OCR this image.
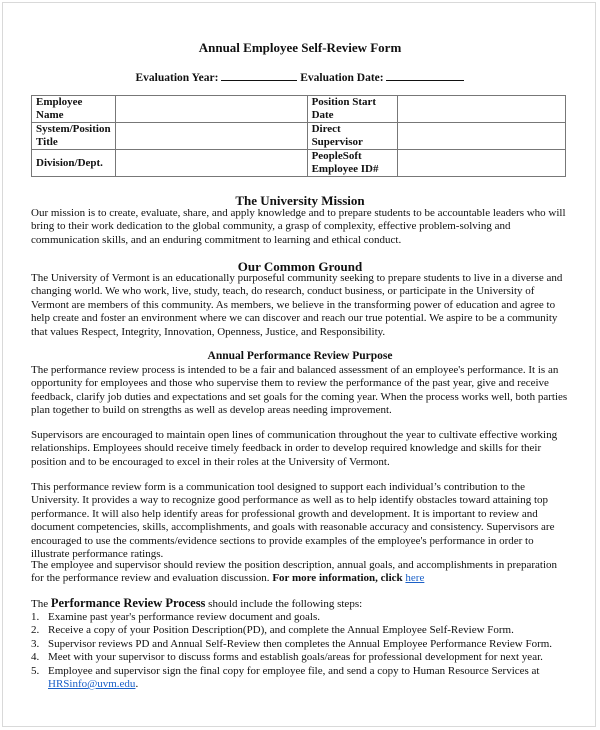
Annual Employee Self-Review Form
Evaluation Year:	Evaluation Date:
Employee Name		Position Start Date	
System/Position Title		Direct Supervisor	
Division/Dept.		PeopleSoft Employee ID#	
The University Mission
Our mission is to create, evaluate, share, and apply knowledge and to prepare students to be accountable leaders who will bring to their work dedication to the global community, a grasp of complexity, effective problem-solving and communication skills, and an enduring commitment to learning and ethical conduct.
Our Common Ground
The University of Vermont is an educationally purposeful community seeking to prepare students to live in a diverse and changing world. We who work, live, study, teach, do research, conduct business, or participate in the University of Vermont are members of this community. As members, we believe in the transforming power of education and agree to help create and foster an environment where we can discover and reach our true potential. We aspire to be a community that values Respect, Integrity, Innovation, Openness, Justice, and Responsibility.
Annual Performance Review Purpose
The performance review process is intended to be a fair and balanced assessment of an employee's performance. It is an opportunity for employees and those who supervise them to review the performance of the past year, give and receive feedback, clarify job duties and expectations and set goals for the coming year. When the process works well, both parties plan together to build on strengths as well as develop areas needing improvement.
Supervisors are encouraged to maintain open lines of communication throughout the year to cultivate effective working relationships. Employees should receive timely feedback in order to develop required knowledge and skills for their position and to be encouraged to excel in their roles at the University of Vermont.
This performance review form is a communication tool designed to support each individual’s contribution to the University. It provides a way to recognize good performance as well as to help identify obstacles toward attaining top performance. It will also help identify areas for professional growth and development. It is important to review and document competencies, skills, accomplishments, and goals with reasonable accuracy and consistency. Supervisors are encouraged to use the comments/evidence sections to provide examples of the employee's performance in order to illustrate performance ratings.
The employee and supervisor should review the position description, annual goals, and accomplishments in preparation for the performance review and evaluation discussion. For more information, click here
The Performance Review Process should include the following steps:
1. Examine past year's performance review document and goals.
2. Receive a copy of your Position Description(PD), and complete the Annual Employee Self-Review Form.
3. Supervisor reviews PD and Annual Self-Review then completes the Annual Employee Performance Review Form.
4. Meet with your supervisor to discuss forms and establish goals/areas for professional development for next year.
5. Employee and supervisor sign the final copy for employee file, and send a copy to Human Resource Services at
HRSinfo@uvm.edu.
